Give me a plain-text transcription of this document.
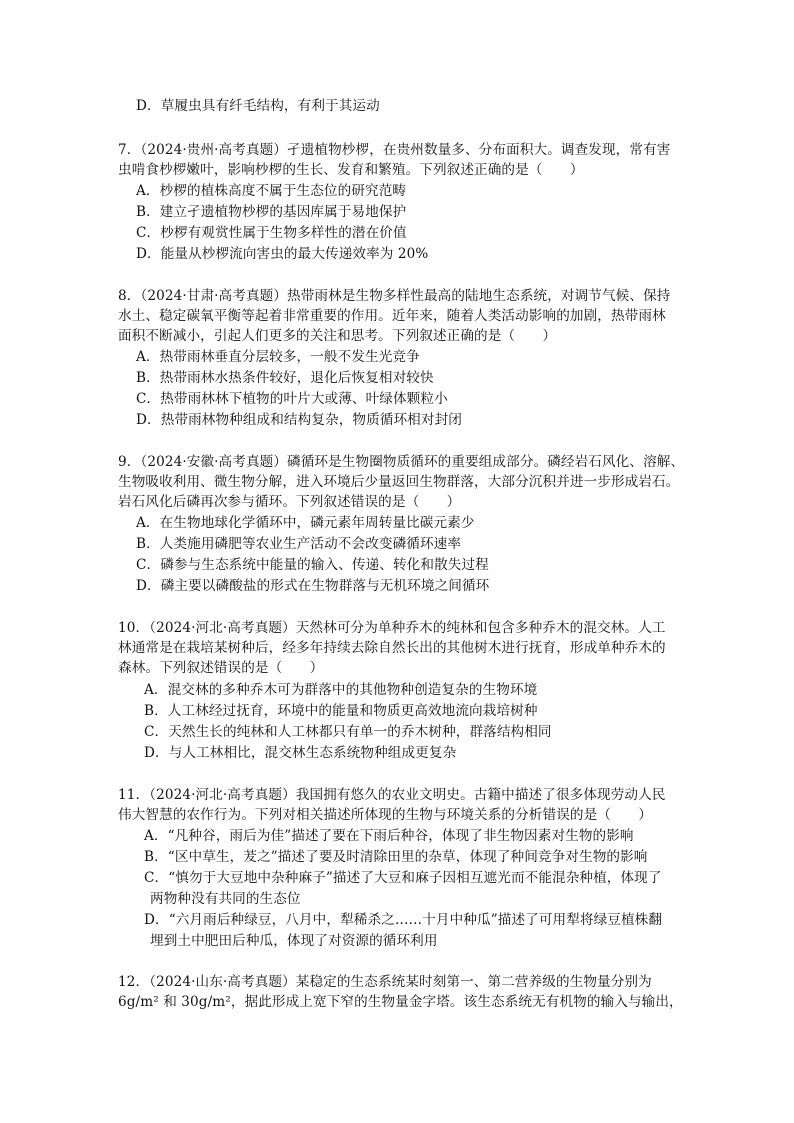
D．草履虫具有纤毛结构，有利于其运动
7．（2024·贵州·高考真题）孑遗植物杪椤，在贵州数量多、分布面积大。调查发现，常有害
虫啃食杪椤嫩叶，影响杪椤的生长、发育和繁殖。下列叙述正确的是（　　）
A．杪椤的植株高度不属于生态位的研究范畴
B．建立孑遗植物杪椤的基因库属于易地保护
C．杪椤有观赏性属于生物多样性的潜在价值
D．能量从杪椤流向害虫的最大传递效率为 20%
8．（2024·甘肃·高考真题）热带雨林是生物多样性最高的陆地生态系统，对调节气候、保持
水土、稳定碳氧平衡等起着非常重要的作用。近年来，随着人类活动影响的加剧，热带雨林
面积不断减小，引起人们更多的关注和思考。下列叙述正确的是（　　）
A．热带雨林垂直分层较多，一般不发生光竞争
B．热带雨林水热条件较好，退化后恢复相对较快
C．热带雨林林下植物的叶片大或薄、叶绿体颗粒小
D．热带雨林物种组成和结构复杂，物质循环相对封闭
9．（2024·安徽·高考真题）磷循环是生物圈物质循环的重要组成部分。磷经岩石风化、溶解、
生物吸收利用、微生物分解，进入环境后少量返回生物群落，大部分沉积并进一步形成岩石。
岩石风化后磷再次参与循环。下列叙述错误的是（　　）
A．在生物地球化学循环中，磷元素年周转量比碳元素少
B．人类施用磷肥等农业生产活动不会改变磷循环速率
C．磷参与生态系统中能量的输入、传递、转化和散失过程
D．磷主要以磷酸盐的形式在生物群落与无机环境之间循环
10．（2024·河北·高考真题）天然林可分为单种乔木的纯林和包含多种乔木的混交林。人工
林通常是在栽培某树种后，经多年持续去除自然长出的其他树木进行抚育，形成单种乔木的
森林。下列叙述错误的是（　　）
A．混交林的多种乔木可为群落中的其他物种创造复杂的生物环境
B．人工林经过抚育，环境中的能量和物质更高效地流向栽培树种
C．天然生长的纯林和人工林都只有单一的乔木树种，群落结构相同
D．与人工林相比，混交林生态系统物种组成更复杂
11．（2024·河北·高考真题）我国拥有悠久的农业文明史。古籍中描述了很多体现劳动人民
伟大智慧的农作行为。下列对相关描述所体现的生物与环境关系的分析错误的是（　　）
A．“凡种谷，雨后为佳”描述了要在下雨后种谷，体现了非生物因素对生物的影响
B．“区中草生，茇之”描述了要及时清除田里的杂草，体现了种间竞争对生物的影响
C．“慎勿于大豆地中杂种麻子”描述了大豆和麻子因相互遮光而不能混杂种植，体现了
两物种没有共同的生态位
D．“六月雨后种绿豆，八月中，犁稀杀之……十月中种瓜”描述了可用犁将绿豆植株翻
埋到土中肥田后种瓜，体现了对资源的循环利用
12．（2024·山东·高考真题）某稳定的生态系统某时刻第一、第二营养级的生物量分别为
6g/m² 和 30g/m²，据此形成上宽下窄的生物量金字塔。该生态系统无有机物的输入与输出，
